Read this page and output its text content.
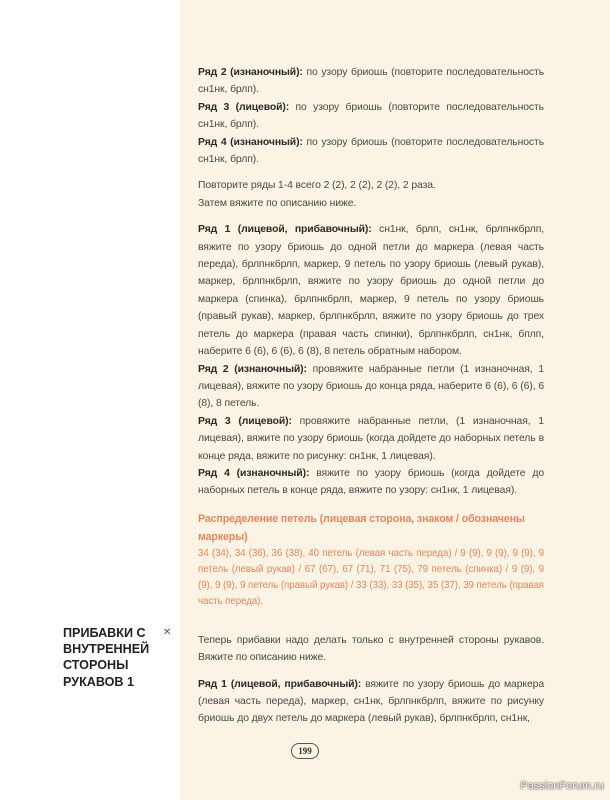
Ряд 2 (изнаночный): по узору бриошь (повторите последовательность сн1нк, брлп).

Ряд 3 (лицевой): по узору бриошь (повторите последовательность сн1нк, брлп).

Ряд 4 (изнаночный): по узору бриошь (повторите последовательность сн1нк, брлп).

Повторите ряды 1-4 всего 2 (2), 2 (2), 2 (2), 2 раза.

Затем вяжите по описанию ниже.

Ряд 1 (лицевой, прибавочный): сн1нк, брлп, сн1нк, брлпнкбрлп, вяжите по узору бриошь до одной петли до маркера (левая часть переда), брлпнкбрлп, маркер, 9 петель по узору бриошь (левый рукав), маркер, брлпнкбрлп, вяжите по узору бриошь до одной петли до маркера (спинка), брлпнкбрлп, маркер, 9 петель по узору бриошь (правый рукав), маркер, брлпнкбрлп, вяжите по узору бриошь до трех петель до маркера (правая часть спинки), брлпнкбрлп, сн1нк, бплп, наберите 6 (6), 6 (6), 6 (8), 8 петель обратным набором.

Ряд 2 (изнаночный): провяжите набранные петли (1 изнаночная, 1 лицевая), вяжите по узору бриошь до конца ряда, наберите 6 (6), 6 (6), 6 (8), 8 петель.

Ряд 3 (лицевой): провяжите набранные петли, (1 изнаночная, 1 лицевая), вяжите по узору бриошь (когда дойдете до наборных петель в конце ряда, вяжите по рисунку: сн1нк, 1 лицевая).

Ряд 4 (изнаночный): вяжите по узору бриошь (когда дойдете до наборных петель в конце ряда, вяжите по узору: сн1нк, 1 лицевая).

Распределение петель (лицевая сторона, знаком / обозначены маркеры)
34 (34), 34 (36), 36 (38), 40 петель (левая часть переда) / 9 (9), 9 (9), 9 (9), 9 петель (левый рукав) / 67 (67), 67 (71), 71 (75), 79 петель (спинка) / 9 (9), 9 (9), 9 (9), 9 петель (правый рукав) / 33 (33), 33 (35), 35 (37), 39 петель (правая часть переда).

Теперь прибавки надо делать только с внутренней стороны рукавов. Вяжите по описанию ниже.

Ряд 1 (лицевой, прибавочный): вяжите по узору бриошь до маркера (левая часть переда), маркер, сн1нк, брлпнкбрлп, вяжите по рисунку бриошь до двух петель до маркера (левый рукав), брлпнкбрлп, сн1нк,

ПРИБАВКИ С ВНУТРЕННЕЙ СТОРОНЫ РУКАВОВ 1
✕
199
PassionForum.ru
